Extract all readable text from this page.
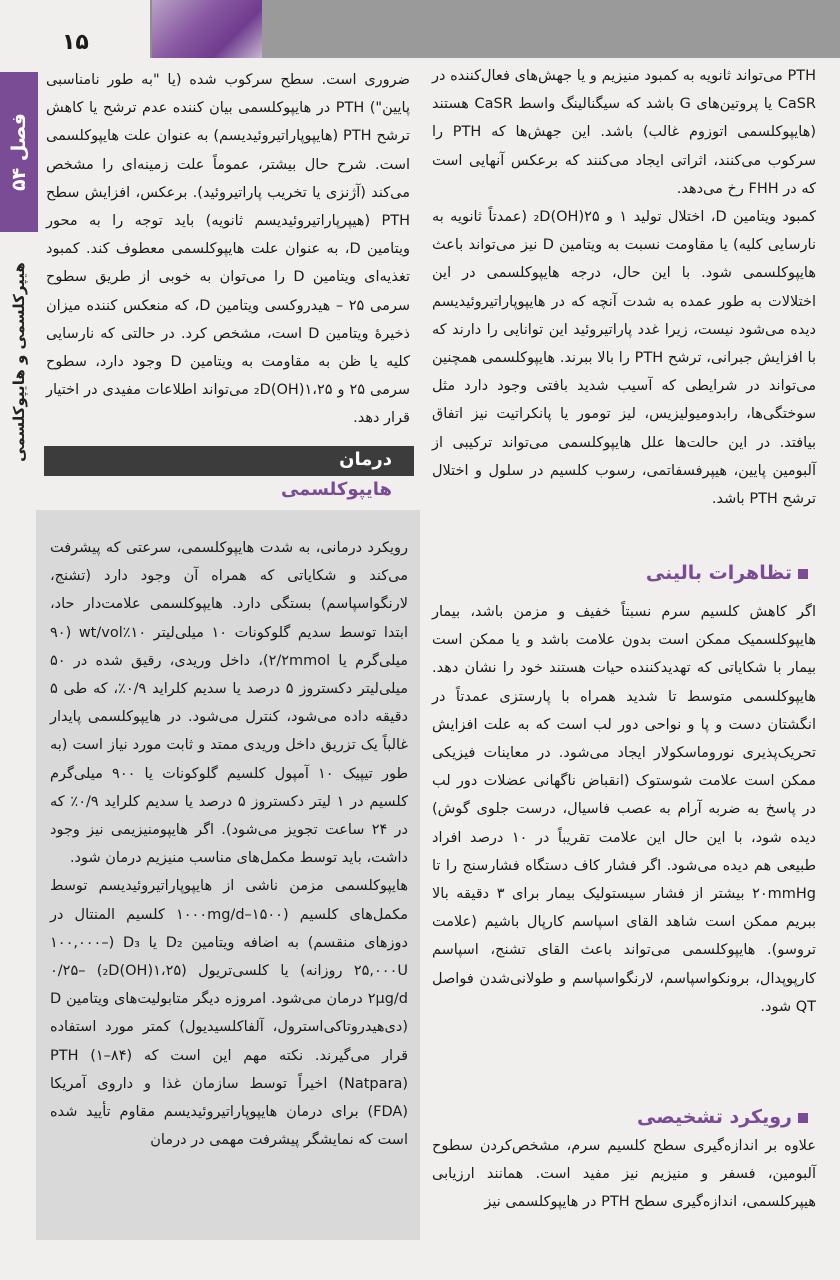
۱۵
فصل ۵۴
هیپرکلسمی و هایپوکلسمی

ضروری است. سطح سرکوب شده (یا "به طور نامناسبی پایین") PTH در هایپوکلسمی بیان کننده عدم ترشح یا کاهش ترشح PTH (هایپوپاراتیروئیدیسم) به عنوان علت هایپوکلسمی است. شرح حال بیشتر، عموماً علت زمینه‌ای را مشخص می‌کند (آژنزی یا تخریب پاراتیروئید). برعکس، افزایش سطح PTH (هیپرپاراتیروئیدیسم ثانویه) باید توجه را به محور ویتامین D، به عنوان علت هایپوکلسمی معطوف کند. کمبود تغذیه‌ای ویتامین D را می‌توان به خوبی از طریق سطوح سرمی ۲۵ – هیدروکسی ویتامین D، که منعکس کننده میزان ذخیرهٔ ویتامین D است، مشخص کرد. در حالتی که نارسایی کلیه یا ظن به مقاومت به ویتامین D وجود دارد، سطوح سرمی ۲۵ و ۱،۲۵(OH)₂D می‌تواند اطلاعات مفیدی در اختیار قرار دهد.

درمان
هایپوکلسمی

رویکرد درمانی، به شدت هایپوکلسمی، سرعتی که پیشرفت می‌کند و شکایاتی که همراه آن وجود دارد (تشنج، لارنگواسپاسم) بستگی دارد. هایپوکلسمی علامت‌دار حاد، ابتدا توسط سدیم گلوکونات ۱۰ میلی‌لیتر ۱۰٪wt/vol (۹۰ میلی‌گرم یا ۲/۲mmol)، داخل وریدی، رقیق شده در ۵۰ میلی‌لیتر دکستروز ۵ درصد یا سدیم کلراید ۰/۹٪، که طی ۵ دقیقه داده می‌شود، کنترل می‌شود. در هایپوکلسمی پایدار غالباً یک تزریق داخل وریدی ممتد و ثابت مورد نیاز است (به طور تیپیک ۱۰ آمپول کلسیم گلوکونات یا ۹۰۰ میلی‌گرم کلسیم در ۱ لیتر دکستروز ۵ درصد یا سدیم کلراید ۰/۹٪ که در ۲۴ ساعت تجویز می‌شود). اگر هایپومنیزیمی نیز وجود داشت، باید توسط مکمل‌های مناسب منیزیم درمان شود.

هایپوکلسمی مزمن ناشی از هایپوپاراتیروئیدیسم توسط مکمل‌های کلسیم (۱۵۰۰–۱۰۰۰mg/d کلسیم المنتال در دوزهای منقسم) به اضافه ویتامین D₂ یا D₃ (۱۰۰,۰۰۰–۲۵,۰۰۰U روزانه) یا کلسی‌تریول (۱،۲۵(OH)₂D) ۰/۲۵–۲μg/d درمان می‌شود. امروزه دیگر متابولیت‌های ویتامین D (دی‌هیدروتاکی‌استرول، آلفاکلسیدیول) کمتر مورد استفاده قرار می‌گیرند. نکته مهم این است که PTH (۱–۸۴) (Natpara) اخیراً توسط سازمان غذا و داروی آمریکا (FDA) برای درمان هایپوپاراتیروئیدیسم مقاوم تأیید شده است که نمایشگر پیشرفت مهمی در درمان

PTH می‌تواند ثانویه به کمبود منیزیم و یا جهش‌های فعال‌کننده در CaSR یا پروتین‌های G باشد که سیگنالینگ واسط CaSR هستند (هایپوکلسمی اتوزوم غالب) باشد. این جهش‌ها که PTH را سرکوب می‌کنند، اثراتی ایجاد می‌کنند که برعکس آنهایی است که در FHH رخ می‌دهد.

کمبود ویتامین D، اختلال تولید ۱ و ۲۵(OH)₂D (عمدتاً ثانویه به نارسایی کلیه) یا مقاومت نسبت به ویتامین D نیز می‌تواند باعث هایپوکلسمی شود. با این حال، درجه هایپوکلسمی در این اختلالات به طور عمده به شدت آنچه که در هایپوپاراتیروئیدیسم دیده می‌شود نیست، زیرا غدد پاراتیروئید این توانایی را دارند که با افزایش جبرانی، ترشح PTH را بالا ببرند. هایپوکلسمی همچنین می‌تواند در شرایطی که آسیب شدید بافتی وجود دارد مثل سوختگی‌ها، رابدومیولیزیس، لیز تومور یا پانکراتیت نیز اتفاق بیافتد. در این حالت‌ها علل هایپوکلسمی می‌تواند ترکیبی از آلبومین پایین، هیپرفسفاتمی، رسوب کلسیم در سلول و اختلال ترشح PTH باشد.

تظاهرات بالینی

اگر کاهش کلسیم سرم نسبتاً خفیف و مزمن باشد، بیمار هایپوکلسمیک ممکن است بدون علامت باشد و یا ممکن است بیمار با شکایاتی که تهدیدکننده حیات هستند خود را نشان دهد. هایپوکلسمی متوسط تا شدید همراه با پارستزی عمدتاً در انگشتان دست و پا و نواحی دور لب است که به علت افزایش تحریک‌پذیری نوروماسکولار ایجاد می‌شود. در معاینات فیزیکی ممکن است علامت شوستوک (انقباض ناگهانی عضلات دور لب در پاسخ به ضربه آرام به عصب فاسیال، درست جلوی گوش) دیده شود، با این حال این علامت تقریباً در ۱۰ درصد افراد طبیعی هم دیده می‌شود. اگر فشار کاف دستگاه فشارسنج را تا ۲۰mmHg بیشتر از فشار سیستولیک بیمار برای ۳ دقیقه بالا ببریم ممکن است شاهد القای اسپاسم کارپال باشیم (علامت تروسو). هایپوکلسمی می‌تواند باعث القای تشنج، اسپاسم کارپوپدال، برونکواسپاسم، لارنگواسپاسم و طولانی‌شدن فواصل QT شود.

رویکرد تشخیصی

علاوه بر اندازه‌گیری سطح کلسیم سرم، مشخص‌کردن سطوح آلبومین، فسفر و منیزیم نیز مفید است. همانند ارزیابی هیپرکلسمی، اندازه‌گیری سطح PTH در هایپوکلسمی نیز
